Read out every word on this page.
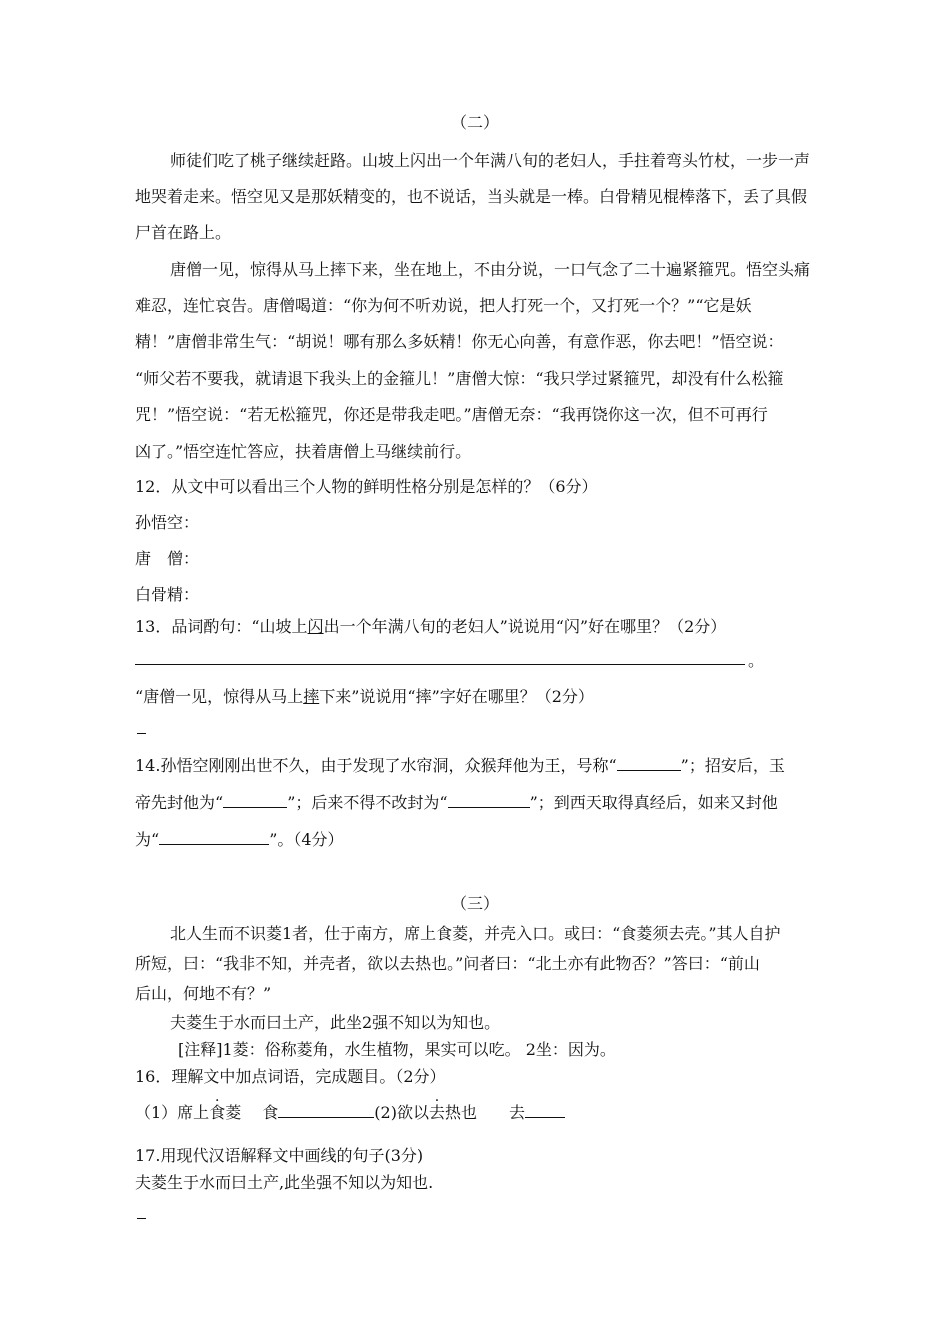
（二）
师徒们吃了桃子继续赶路。山坡上闪出一个年满八旬的老妇人，手拄着弯头竹杖，一步一声
地哭着走来。悟空见又是那妖精变的，也不说话，当头就是一棒。白骨精见棍棒落下，丢了具假
尸首在路上。
唐僧一见，惊得从马上摔下来，坐在地上，不由分说，一口气念了二十遍紧箍咒。悟空头痛
难忍，连忙哀告。唐僧喝道：“你为何不听劝说，把人打死一个，又打死一个？”“它是妖
精！”唐僧非常生气：“胡说！哪有那么多妖精！你无心向善，有意作恶，你去吧！”悟空说：
“师父若不要我，就请退下我头上的金箍儿！”唐僧大惊：“我只学过紧箍咒，却没有什么松箍
咒！”悟空说：“若无松箍咒，你还是带我走吧。”唐僧无奈：“我再饶你这一次，但不可再行
凶了。”悟空连忙答应，扶着唐僧上马继续前行。
12．从文中可以看出三个人物的鲜明性格分别是怎样的？（6分）
孙悟空：
唐　僧：
白骨精：
13．品词酌句：“山坡上闪出一个年满八旬的老妇人”说说用“闪”好在哪里？（2分）
。
“唐僧一见，惊得从马上摔下来”说说用“摔”字好在哪里？（2分）
14.孙悟空刚刚出世不久，由于发现了水帘洞，众猴拜他为王，号称“	”；招安后，玉
帝先封他为“	”；后来不得不改封为“	”；到西天取得真经后，如来又封他
为“	”。（4分）
（三）
北人生而不识菱1者，仕于南方，席上食菱，并壳入口。或曰：“食菱须去壳。”其人自护
所短，曰：“我非不知，并壳者，欲以去热也。”问者曰：“北土亦有此物否？”答曰：“前山
后山，何地不有？”
夫菱生于水而曰土产，此坐2强不知以为知也。
[注释]1菱：俗称菱角，水生植物，果实可以吃。 2坐：因为。
16．理解文中加点词语，完成题目。（2分）
（1）席上食菱　 食	(2)欲以去热也　　去
17.用现代汉语解释文中画线的句子(3分)
夫菱生于水而曰土产,此坐强不知以为知也.
